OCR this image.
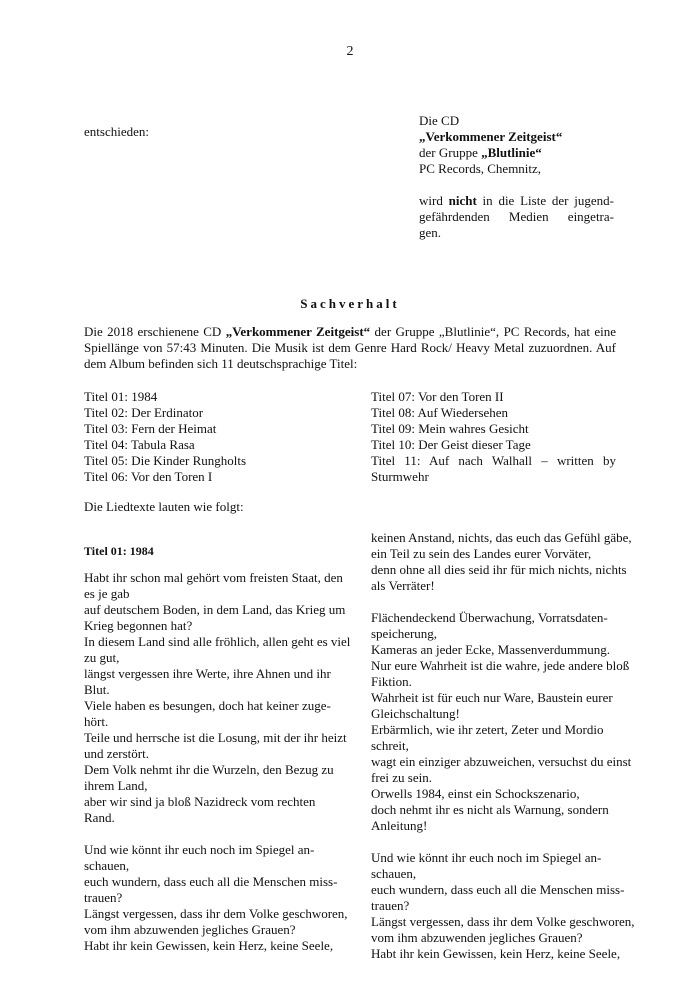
2
entschieden:
Die CD
„Verkommener Zeitgeist“
der Gruppe „Blutlinie“
PC Records, Chemnitz,
wird nicht in die Liste der jugend-
gefährdenden Medien eingetra-
gen.
Sachverhalt
Die 2018 erschienene CD „Verkommener Zeitgeist“ der Gruppe „Blutlinie“, PC Records, hat eine Spiellänge von 57:43 Minuten. Die Musik ist dem Genre Hard Rock/ Heavy Metal zuzuordnen. Auf dem Album befinden sich 11 deutschsprachige Titel:
Titel 01: 1984
Titel 02: Der Erdinator
Titel 03: Fern der Heimat
Titel 04: Tabula Rasa
Titel 05: Die Kinder Rungholts
Titel 06: Vor den Toren I
Titel 07: Vor den Toren II
Titel 08: Auf Wiedersehen
Titel 09: Mein wahres Gesicht
Titel 10: Der Geist dieser Tage
Titel 11: Auf nach Walhall – written by
Sturmwehr
Die Liedtexte lauten wie folgt:
Titel 01: 1984
Habt ihr schon mal gehört vom freisten Staat, den
es je gab
auf deutschem Boden, in dem Land, das Krieg um
Krieg begonnen hat?
In diesem Land sind alle fröhlich, allen geht es viel
zu gut,
längst vergessen ihre Werte, ihre Ahnen und ihr
Blut.
Viele haben es besungen, doch hat keiner zuge-
hört.
Teile und herrsche ist die Losung, mit der ihr heizt
und zerstört.
Dem Volk nehmt ihr die Wurzeln, den Bezug zu
ihrem Land,
aber wir sind ja bloß Nazidreck vom rechten
Rand.
Und wie könnt ihr euch noch im Spiegel an-
schauen,
euch wundern, dass euch all die Menschen miss-
trauen?
Längst vergessen, dass ihr dem Volke geschworen,
vom ihm abzuwenden jegliches Grauen?
Habt ihr kein Gewissen, kein Herz, keine Seele,
keinen Anstand, nichts, das euch das Gefühl gäbe,
ein Teil zu sein des Landes eurer Vorväter,
denn ohne all dies seid ihr für mich nichts, nichts
als Verräter!
Flächendeckend Überwachung, Vorratsdaten-
speicherung,
Kameras an jeder Ecke, Massenverdummung.
Nur eure Wahrheit ist die wahre, jede andere bloß
Fiktion.
Wahrheit ist für euch nur Ware, Baustein eurer
Gleichschaltung!
Erbärmlich, wie ihr zetert, Zeter und Mordio
schreit,
wagt ein einziger abzuweichen, versuchst du einst
frei zu sein.
Orwells 1984, einst ein Schockszenario,
doch nehmt ihr es nicht als Warnung, sondern
Anleitung!
Und wie könnt ihr euch noch im Spiegel an-
schauen,
euch wundern, dass euch all die Menschen miss-
trauen?
Längst vergessen, dass ihr dem Volke geschworen,
vom ihm abzuwenden jegliches Grauen?
Habt ihr kein Gewissen, kein Herz, keine Seele,
